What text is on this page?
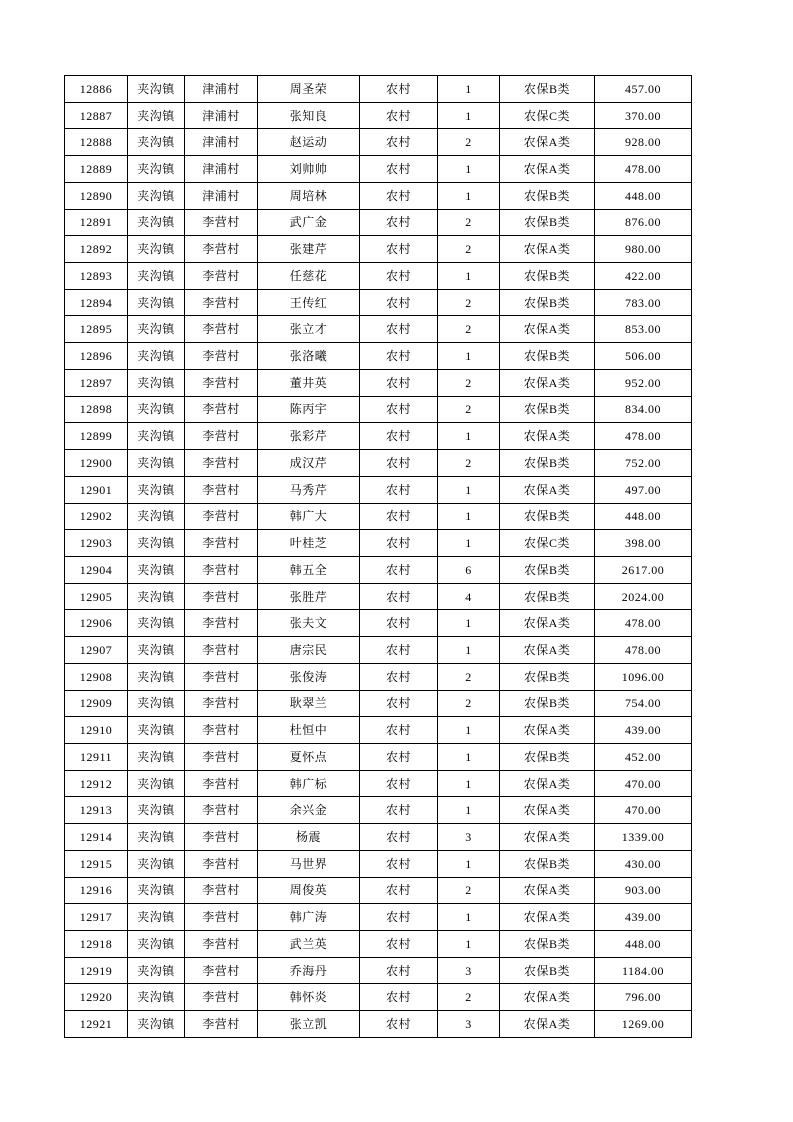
12886	夹沟镇	津浦村	周圣荣	农村	1	农保B类	457.00
12887	夹沟镇	津浦村	张知良	农村	1	农保C类	370.00
12888	夹沟镇	津浦村	赵运动	农村	2	农保A类	928.00
12889	夹沟镇	津浦村	刘帅帅	农村	1	农保A类	478.00
12890	夹沟镇	津浦村	周培林	农村	1	农保B类	448.00
12891	夹沟镇	李营村	武广金	农村	2	农保B类	876.00
12892	夹沟镇	李营村	张建芹	农村	2	农保A类	980.00
12893	夹沟镇	李营村	任慈花	农村	1	农保B类	422.00
12894	夹沟镇	李营村	王传红	农村	2	农保B类	783.00
12895	夹沟镇	李营村	张立才	农村	2	农保A类	853.00
12896	夹沟镇	李营村	张洛曦	农村	1	农保B类	506.00
12897	夹沟镇	李营村	董井英	农村	2	农保A类	952.00
12898	夹沟镇	李营村	陈丙宇	农村	2	农保B类	834.00
12899	夹沟镇	李营村	张彩芹	农村	1	农保A类	478.00
12900	夹沟镇	李营村	成汉芹	农村	2	农保B类	752.00
12901	夹沟镇	李营村	马秀芹	农村	1	农保A类	497.00
12902	夹沟镇	李营村	韩广大	农村	1	农保B类	448.00
12903	夹沟镇	李营村	叶桂芝	农村	1	农保C类	398.00
12904	夹沟镇	李营村	韩五全	农村	6	农保B类	2617.00
12905	夹沟镇	李营村	张胜芹	农村	4	农保B类	2024.00
12906	夹沟镇	李营村	张夫文	农村	1	农保A类	478.00
12907	夹沟镇	李营村	唐宗民	农村	1	农保A类	478.00
12908	夹沟镇	李营村	张俊涛	农村	2	农保B类	1096.00
12909	夹沟镇	李营村	耿翠兰	农村	2	农保B类	754.00
12910	夹沟镇	李营村	杜恒中	农村	1	农保A类	439.00
12911	夹沟镇	李营村	夏怀点	农村	1	农保B类	452.00
12912	夹沟镇	李营村	韩广标	农村	1	农保A类	470.00
12913	夹沟镇	李营村	余兴金	农村	1	农保A类	470.00
12914	夹沟镇	李营村	杨震	农村	3	农保A类	1339.00
12915	夹沟镇	李营村	马世界	农村	1	农保B类	430.00
12916	夹沟镇	李营村	周俊英	农村	2	农保A类	903.00
12917	夹沟镇	李营村	韩广涛	农村	1	农保A类	439.00
12918	夹沟镇	李营村	武兰英	农村	1	农保B类	448.00
12919	夹沟镇	李营村	乔海丹	农村	3	农保B类	1184.00
12920	夹沟镇	李营村	韩怀炎	农村	2	农保A类	796.00
12921	夹沟镇	李营村	张立凯	农村	3	农保A类	1269.00
